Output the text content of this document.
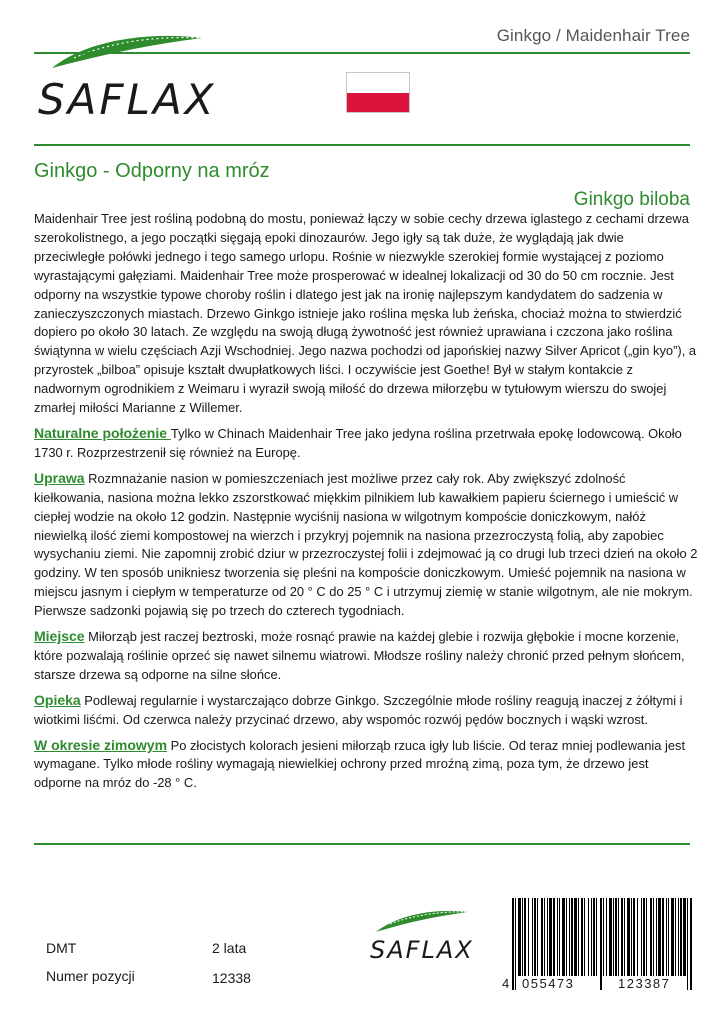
SAFLAX
Ginkgo / Maidenhair Tree
Ginkgo - Odporny na mróz
Ginkgo biloba

Maidenhair Tree jest rośliną podobną do mostu, ponieważ łączy w sobie cechy drzewa iglastego z cechami drzewa szerokolistnego, a jego początki sięgają epoki dinozaurów. Jego igły są tak duże, że wyglądają jak dwie przeciwległe połówki jednego i tego samego urlopu. Rośnie w niezwykle szerokiej formie wystającej z poziomo wyrastającymi gałęziami. Maidenhair Tree może prosperować w idealnej lokalizacji od 30 do 50 cm rocznie. Jest odporny na wszystkie typowe choroby roślin i dlatego jest jak na ironię najlepszym kandydatem do sadzenia w zanieczyszczonych miastach. Drzewo Ginkgo istnieje jako roślina męska lub żeńska, chociaż można to stwierdzić dopiero po około 30 latach. Ze względu na swoją długą żywotność jest również uprawiana i czczona jako roślina świątynna w wielu częściach Azji Wschodniej. Jego nazwa pochodzi od japońskiej nazwy Silver Apricot („gin kyo”), a przyrostek „bilboa” opisuje kształt dwupłatkowych liści. I oczywiście jest Goethe! Był w stałym kontakcie z nadwornym ogrodnikiem z Weimaru i wyraził swoją miłość do drzewa miłorzębu w tytułowym wierszu do swojej zmarłej miłości Marianne z Willemer.

Naturalne położenie Tylko w Chinach Maidenhair Tree jako jedyna roślina przetrwała epokę lodowcową. Około 1730 r. Rozprzestrzenił się również na Europę.

Uprawa Rozmnażanie nasion w pomieszczeniach jest możliwe przez cały rok. Aby zwiększyć zdolność kiełkowania, nasiona można lekko zszorstkować miękkim pilnikiem lub kawałkiem papieru ściernego i umieścić w ciepłej wodzie na około 12 godzin. Następnie wyciśnij nasiona w wilgotnym kompoście doniczkowym, nałóż niewielką ilość ziemi kompostowej na wierzch i przykryj pojemnik na nasiona przezroczystą folią, aby zapobiec wysychaniu ziemi. Nie zapomnij zrobić dziur w przezroczystej folii i zdejmować ją co drugi lub trzeci dzień na około 2 godziny. W ten sposób unikniesz tworzenia się pleśni na kompoście doniczkowym. Umieść pojemnik na nasiona w miejscu jasnym i ciepłym w temperaturze od 20 ° C do 25 ° C i utrzymuj ziemię w stanie wilgotnym, ale nie mokrym. Pierwsze sadzonki pojawią się po trzech do czterech tygodniach.

Miejsce Miłorząb jest raczej beztroski, może rosnąć prawie na każdej glebie i rozwija głębokie i mocne korzenie, które pozwalają roślinie oprzeć się nawet silnemu wiatrowi. Młodsze rośliny należy chronić przed pełnym słońcem, starsze drzewa są odporne na silne słońce.

Opieka Podlewaj regularnie i wystarczająco dobrze Ginkgo. Szczególnie młode rośliny reagują inaczej z żółtymi i wiotkimi liśćmi. Od czerwca należy przycinać drzewo, aby wspomóc rozwój pędów bocznych i wąski wzrost.

W okresie zimowym Po złocistych kolorach jesieni miłorząb rzuca igły lub liście. Od teraz mniej podlewania jest wymagane. Tylko młode rośliny wymagają niewielkiej ochrony przed mroźną zimą, poza tym, że drzewo jest odporne na mróz do -28 ° C.

DMT	2 lata
Numer pozycji	12338
SAFLAX
4 055473	123387
